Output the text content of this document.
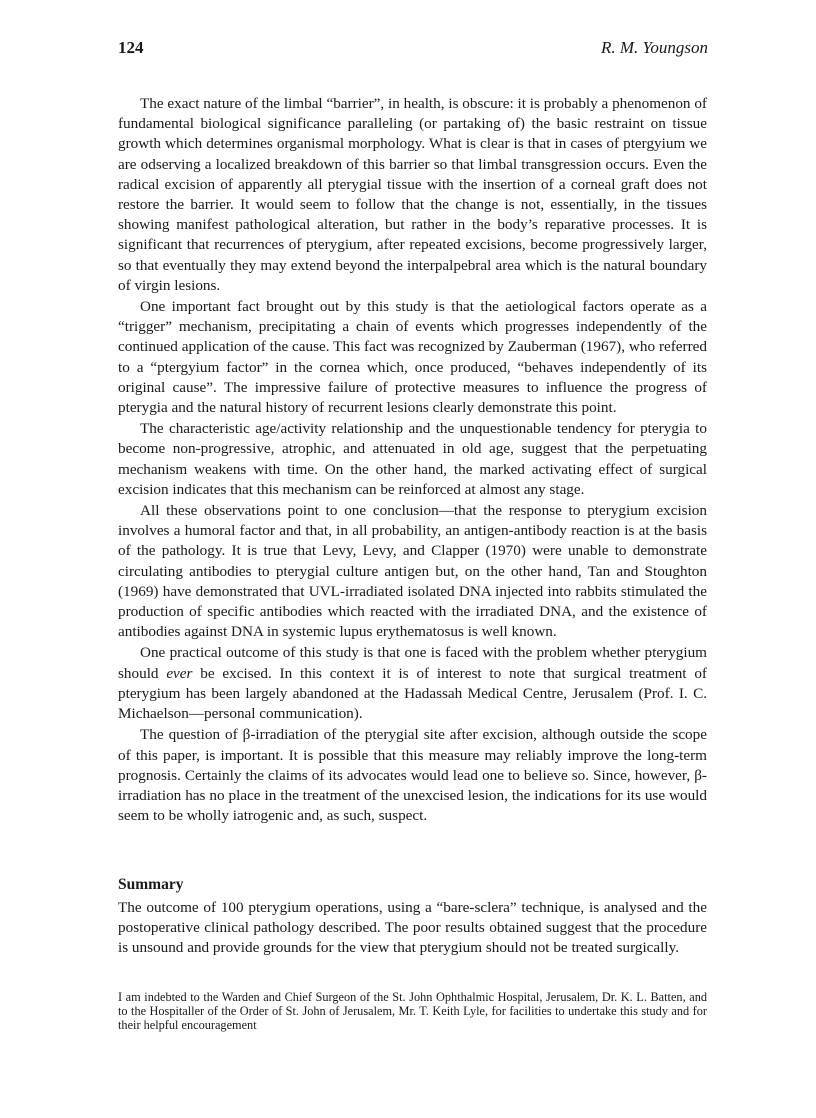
124	R. M. Youngson

The exact nature of the limbal “barrier”, in health, is obscure: it is probably a phenomenon of fundamental biological significance paralleling (or partaking of) the basic restraint on tissue growth which determines organismal morphology. What is clear is that in cases of ptergyium we are odserving a localized breakdown of this barrier so that limbal transgression occurs. Even the radical excision of apparently all pterygial tissue with the insertion of a corneal graft does not restore the barrier. It would seem to follow that the change is not, essentially, in the tissues showing manifest pathological alteration, but rather in the body’s reparative processes. It is significant that recurrences of pterygium, after repeated excisions, become progressively larger, so that eventually they may extend beyond the interpalpebral area which is the natural boundary of virgin lesions.

One important fact brought out by this study is that the aetiological factors operate as a “trigger” mechanism, precipitating a chain of events which progresses independently of the continued application of the cause. This fact was recognized by Zauberman (1967), who referred to a “ptergyium factor” in the cornea which, once produced, “behaves independently of its original cause”. The impressive failure of protective measures to influence the progress of pterygia and the natural history of recurrent lesions clearly demonstrate this point.

The characteristic age/activity relationship and the unquestionable tendency for pterygia to become non-progressive, atrophic, and attenuated in old age, suggest that the perpetuating mechanism weakens with time. On the other hand, the marked activating effect of surgical excision indicates that this mechanism can be reinforced at almost any stage.

All these observations point to one conclusion—that the response to pterygium excision involves a humoral factor and that, in all probability, an antigen-antibody reaction is at the basis of the pathology. It is true that Levy, Levy, and Clapper (1970) were unable to demonstrate circulating antibodies to pterygial culture antigen but, on the other hand, Tan and Stoughton (1969) have demonstrated that UVL-irradiated isolated DNA injected into rabbits stimulated the production of specific antibodies which reacted with the irradiated DNA, and the existence of antibodies against DNA in systemic lupus erythematosus is well known.

One practical outcome of this study is that one is faced with the problem whether pterygium should ever be excised. In this context it is of interest to note that surgical treatment of pterygium has been largely abandoned at the Hadassah Medical Centre, Jerusalem (Prof. I. C. Michaelson—personal communication).

The question of β-irradiation of the pterygial site after excision, although outside the scope of this paper, is important. It is possible that this measure may reliably improve the long-term prognosis. Certainly the claims of its advocates would lead one to believe so. Since, however, β-irradiation has no place in the treatment of the unexcised lesion, the indications for its use would seem to be wholly iatrogenic and, as such, suspect.

Summary

The outcome of 100 pterygium operations, using a “bare-sclera” technique, is analysed and the postoperative clinical pathology described. The poor results obtained suggest that the procedure is unsound and provide grounds for the view that pterygium should not be treated surgically.

I am indebted to the Warden and Chief Surgeon of the St. John Ophthalmic Hospital, Jerusalem, Dr. K. L. Batten, and to the Hospitaller of the Order of St. John of Jerusalem, Mr. T. Keith Lyle, for facilities to undertake this study and for their helpful encouragement
